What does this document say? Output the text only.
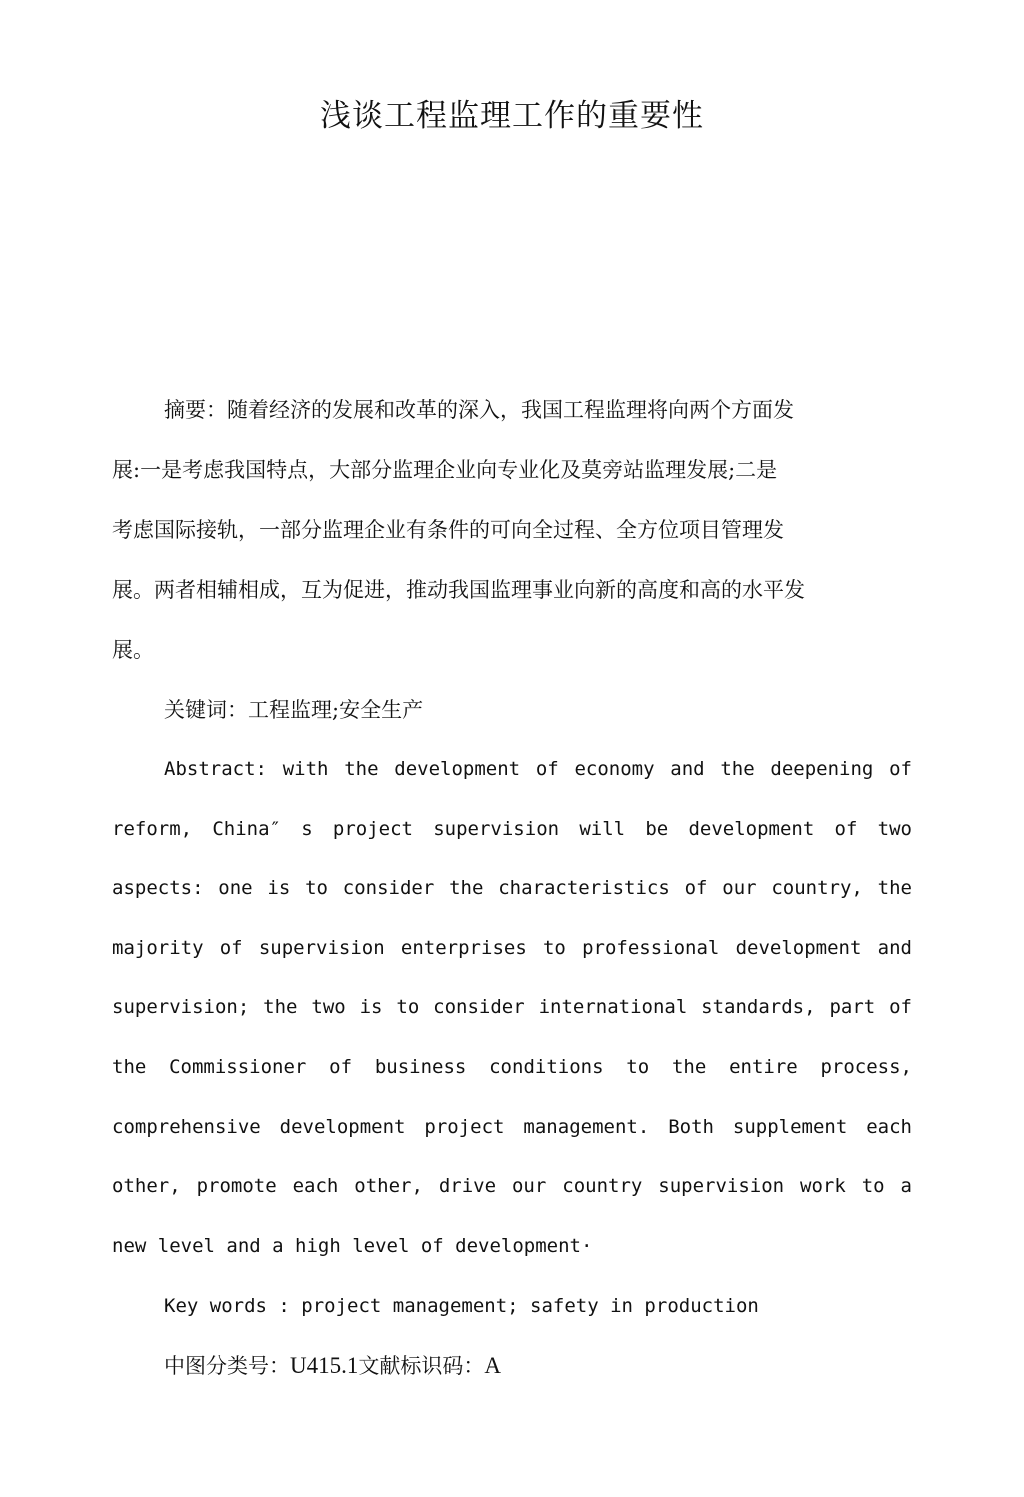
浅谈工程监理工作的重要性
摘要：随着经济的发展和改革的深入，我国工程监理将向两个方面发
展:一是考虑我国特点，大部分监理企业向专业化及莫旁站监理发展;二是
考虑国际接轨，一部分监理企业有条件的可向全过程、全方位项目管理发
展。两者相辅相成，互为促进，推动我国监理事业向新的高度和高的水平发
展。
关键词：工程监理;安全生产
Abstract: with the development of economy and the deepening of
reform, China″ s project supervision will be development of two
aspects: one is to consider the characteristics of our country, the
majority of supervision enterprises to professional development and
supervision; the two is to consider international standards, part of
the Commissioner of business conditions to the entire process,
comprehensive development project management. Both supplement each
other, promote each other, drive our country supervision work to a
new level and a high level of development·
Key words : project management; safety in production
中图分类号：U415.1文献标识码：A
